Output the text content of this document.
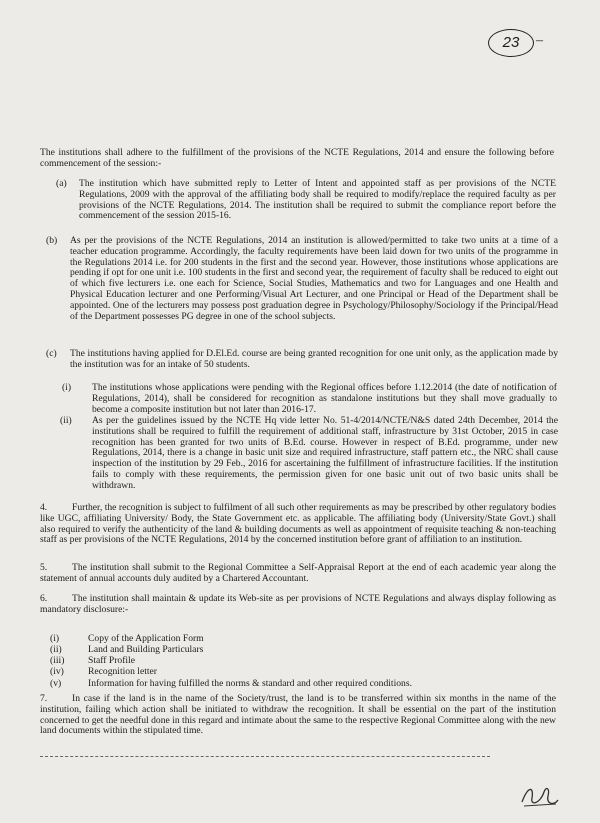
23	–

The institutions shall adhere to the fulfillment of the provisions of the NCTE Regulations, 2014 and ensure the following before commencement of the session:-

(a) The institution which have submitted reply to Letter of Intent and appointed staff as per provisions of the NCTE Regulations, 2009 with the approval of the affiliating body shall be required to modify/replace the required faculty as per provisions of the NCTE Regulations, 2014. The institution shall be required to submit the compliance report before the commencement of the session 2015-16.

(b) As per the provisions of the NCTE Regulations, 2014 an institution is allowed/permitted to take two units at a time of a teacher education programme. Accordingly, the faculty requirements have been laid down for two units of the programme in the Regulations 2014 i.e. for 200 students in the first and the second year. However, those institutions whose applications are pending if opt for one unit i.e. 100 students in the first and second year, the requirement of faculty shall be reduced to eight out of which five lecturers i.e. one each for Science, Social Studies, Mathematics and two for Languages and one Health and Physical Education lecturer and one Performing/Visual Art Lecturer, and one Principal or Head of the Department shall be appointed. One of the lecturers may possess post graduation degree in Psychology/Philosophy/Sociology if the Principal/Head of the Department possesses PG degree in one of the school subjects.

(c) The institutions having applied for D.El.Ed. course are being granted recognition for one unit only, as the application made by the institution was for an intake of 50 students.

(i) The institutions whose applications were pending with the Regional offices before 1.12.2014 (the date of notification of Regulations, 2014), shall be considered for recognition as standalone institutions but they shall move gradually to become a composite institution but not later than 2016-17.

(ii) As per the guidelines issued by the NCTE Hq vide letter No. 51-4/2014/NCTE/N&S dated 24th December, 2014 the institutions shall be required to fulfill the requirement of additional staff, infrastructure by 31st October, 2015 in case recognition has been granted for two units of B.Ed. course. However in respect of B.Ed. programme, under new Regulations, 2014, there is a change in basic unit size and required infrastructure, staff pattern etc., the NRC shall cause inspection of the institution by 29 Feb., 2016 for ascertaining the fulfillment of infrastructure facilities. If the institution fails to comply with these requirements, the permission given for one basic unit out of two basic units shall be withdrawn.

4.	Further, the recognition is subject to fulfilment of all such other requirements as may be prescribed by other regulatory bodies like UGC, affiliating University/ Body, the State Government etc. as applicable. The affiliating body (University/State Govt.) shall also required to verify the authenticity of the land & building documents as well as appointment of requisite teaching & non-teaching staff as per provisions of the NCTE Regulations, 2014 by the concerned institution before grant of affiliation to an institution.

5.	The institution shall submit to the Regional Committee a Self-Appraisal Report at the end of each academic year along the statement of annual accounts duly audited by a Chartered Accountant.

6.	The institution shall maintain & update its Web-site as per provisions of NCTE Regulations and always display following as mandatory disclosure:-

(i)	Copy of the Application Form
(ii)	Land and Building Particulars
(iii) Staff Profile
(iv)	Recognition letter
(v)	Information for having fulfilled the norms & standard and other required conditions.
7.	In case if the land is in the name of the Society/trust, the land is to be transferred within six months in the name of the institution, failing which action shall be initiated to withdraw the recognition. It shall be essential on the part of the institution concerned to get the needful done in this regard and intimate about the same to the respective Regional Committee along with the new land documents within the stipulated time.
